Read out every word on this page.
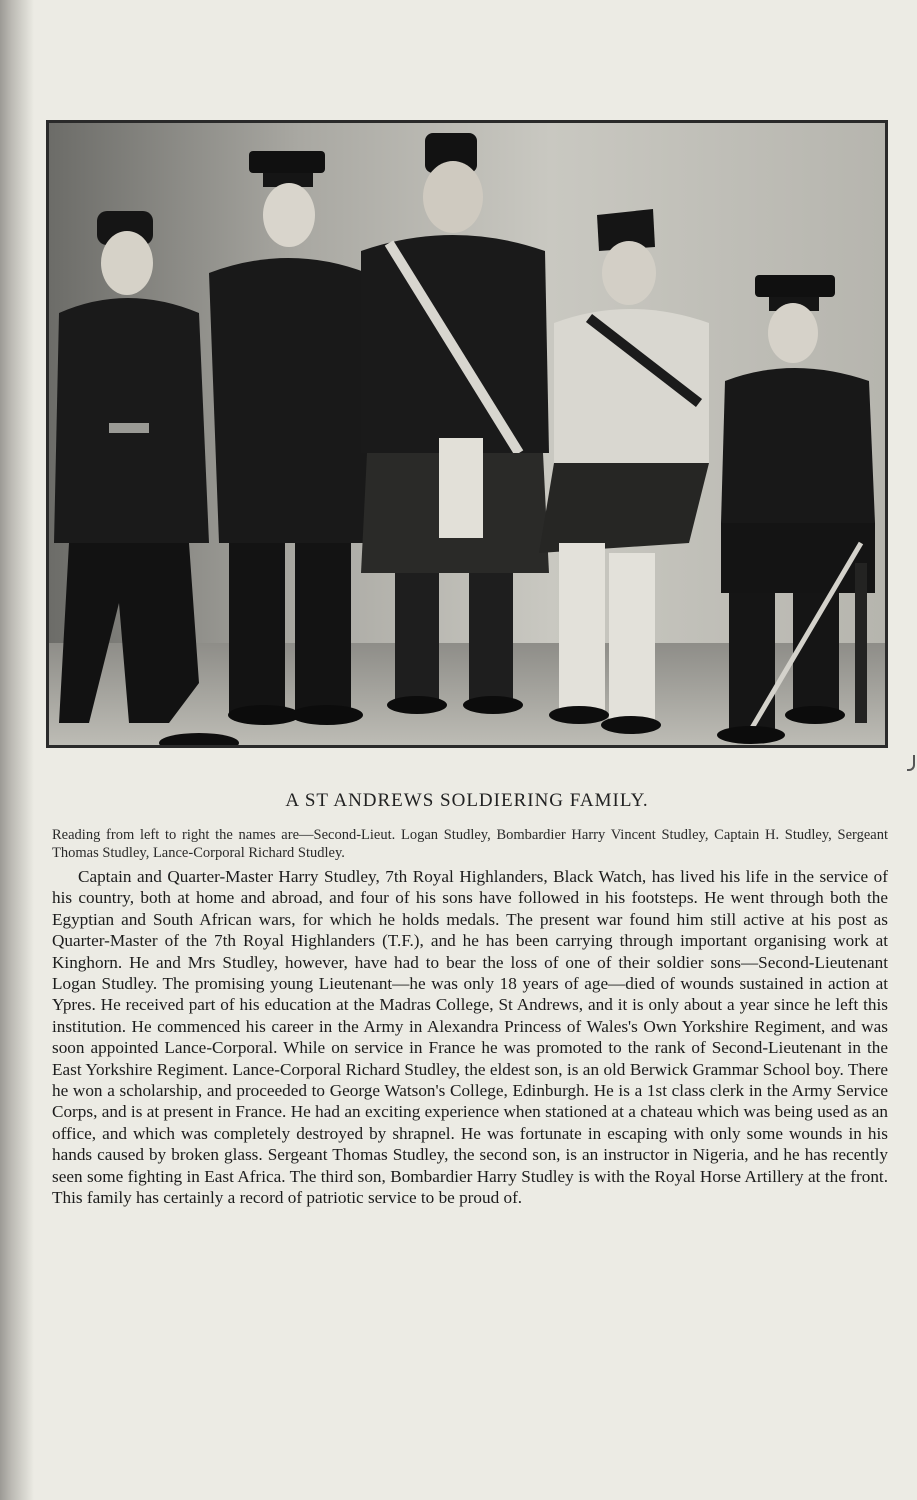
A ST ANDREWS SOLDIERING FAMILY.
Reading from left to right the names are—Second-Lieut. Logan Studley, Bombardier Harry Vincent Studley, Captain H. Studley, Sergeant Thomas Studley, Lance-Corporal Richard Studley.
Captain and Quarter-Master Harry Studley, 7th Royal Highlanders, Black Watch, has lived his life in the service of his country, both at home and abroad, and four of his sons have followed in his footsteps. He went through both the Egyptian and South African wars, for which he holds medals. The present war found him still active at his post as Quarter-Master of the 7th Royal Highlanders (T.F.), and he has been carrying through important organising work at Kinghorn. He and Mrs Studley, however, have had to bear the loss of one of their soldier sons—Second-Lieutenant Logan Studley. The promising young Lieutenant—he was only 18 years of age—died of wounds sustained in action at Ypres. He received part of his education at the Madras College, St Andrews, and it is only about a year since he left this institution. He commenced his career in the Army in Alexandra Princess of Wales's Own Yorkshire Regiment, and was soon appointed Lance-Corporal. While on service in France he was promoted to the rank of Second-Lieutenant in the East Yorkshire Regiment. Lance-Corporal Richard Studley, the eldest son, is an old Berwick Grammar School boy. There he won a scholarship, and proceeded to George Watson's College, Edinburgh. He is a 1st class clerk in the Army Service Corps, and is at present in France. He had an exciting experience when stationed at a chateau which was being used as an office, and which was completely destroyed by shrapnel. He was fortunate in escaping with only some wounds in his hands caused by broken glass. Sergeant Thomas Studley, the second son, is an instructor in Nigeria, and he has recently seen some fighting in East Africa. The third son, Bombardier Harry Studley is with the Royal Horse Artillery at the front. This family has certainly a record of patriotic service to be proud of.
